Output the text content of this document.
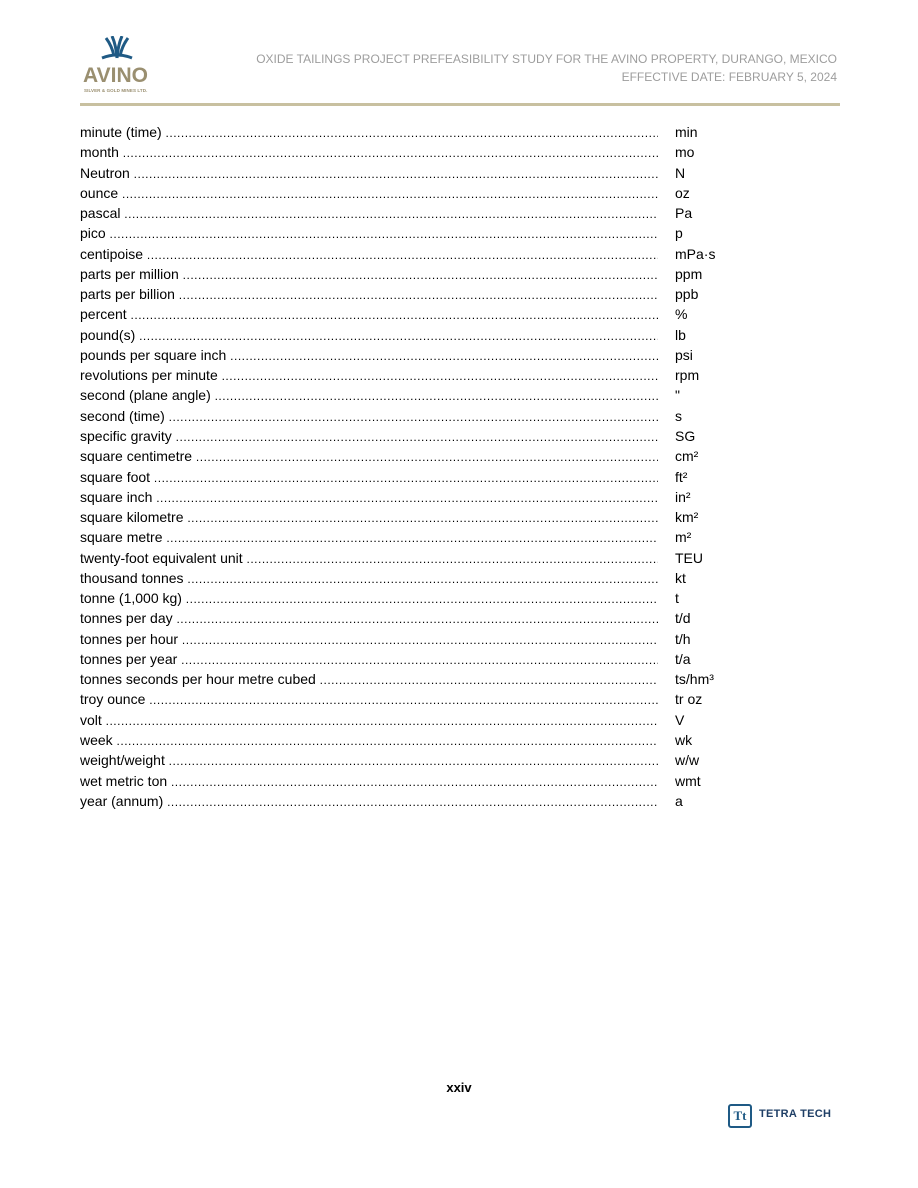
AVINO
SILVER & GOLD MINES LTD.
OXIDE TAILINGS PROJECT PREFEASIBILITY STUDY FOR THE AVINO PROPERTY, DURANGO, MEXICO
EFFECTIVE DATE: FEBRUARY 5, 2024
minute (time) .....	min
month .....	mo
Neutron .....	N
ounce .....	oz
pascal .....	Pa
pico .....	p
centipoise .....	mPa·s
parts per million .....	ppm
parts per billion .....	ppb
percent .....	%
pound(s) .....	lb
pounds per square inch .....	psi
revolutions per minute .....	rpm
second (plane angle) .....	"
second (time) .....	s
specific gravity .....	SG
square centimetre .....	cm²
square foot .....	ft²
square inch .....	in²
square kilometre .....	km²
square metre .....	m²
twenty-foot equivalent unit .....	TEU
thousand tonnes .....	kt
tonne (1,000 kg) .....	t
tonnes per day .....	t/d
tonnes per hour .....	t/h
tonnes per year .....	t/a
tonnes seconds per hour metre cubed .....	ts/hm³
troy ounce .....	tr oz
volt .....	V
week .....	wk
weight/weight .....	w/w
wet metric ton .....	wmt
year (annum) .....	a
xxiv
Tt	TETRA TECH
